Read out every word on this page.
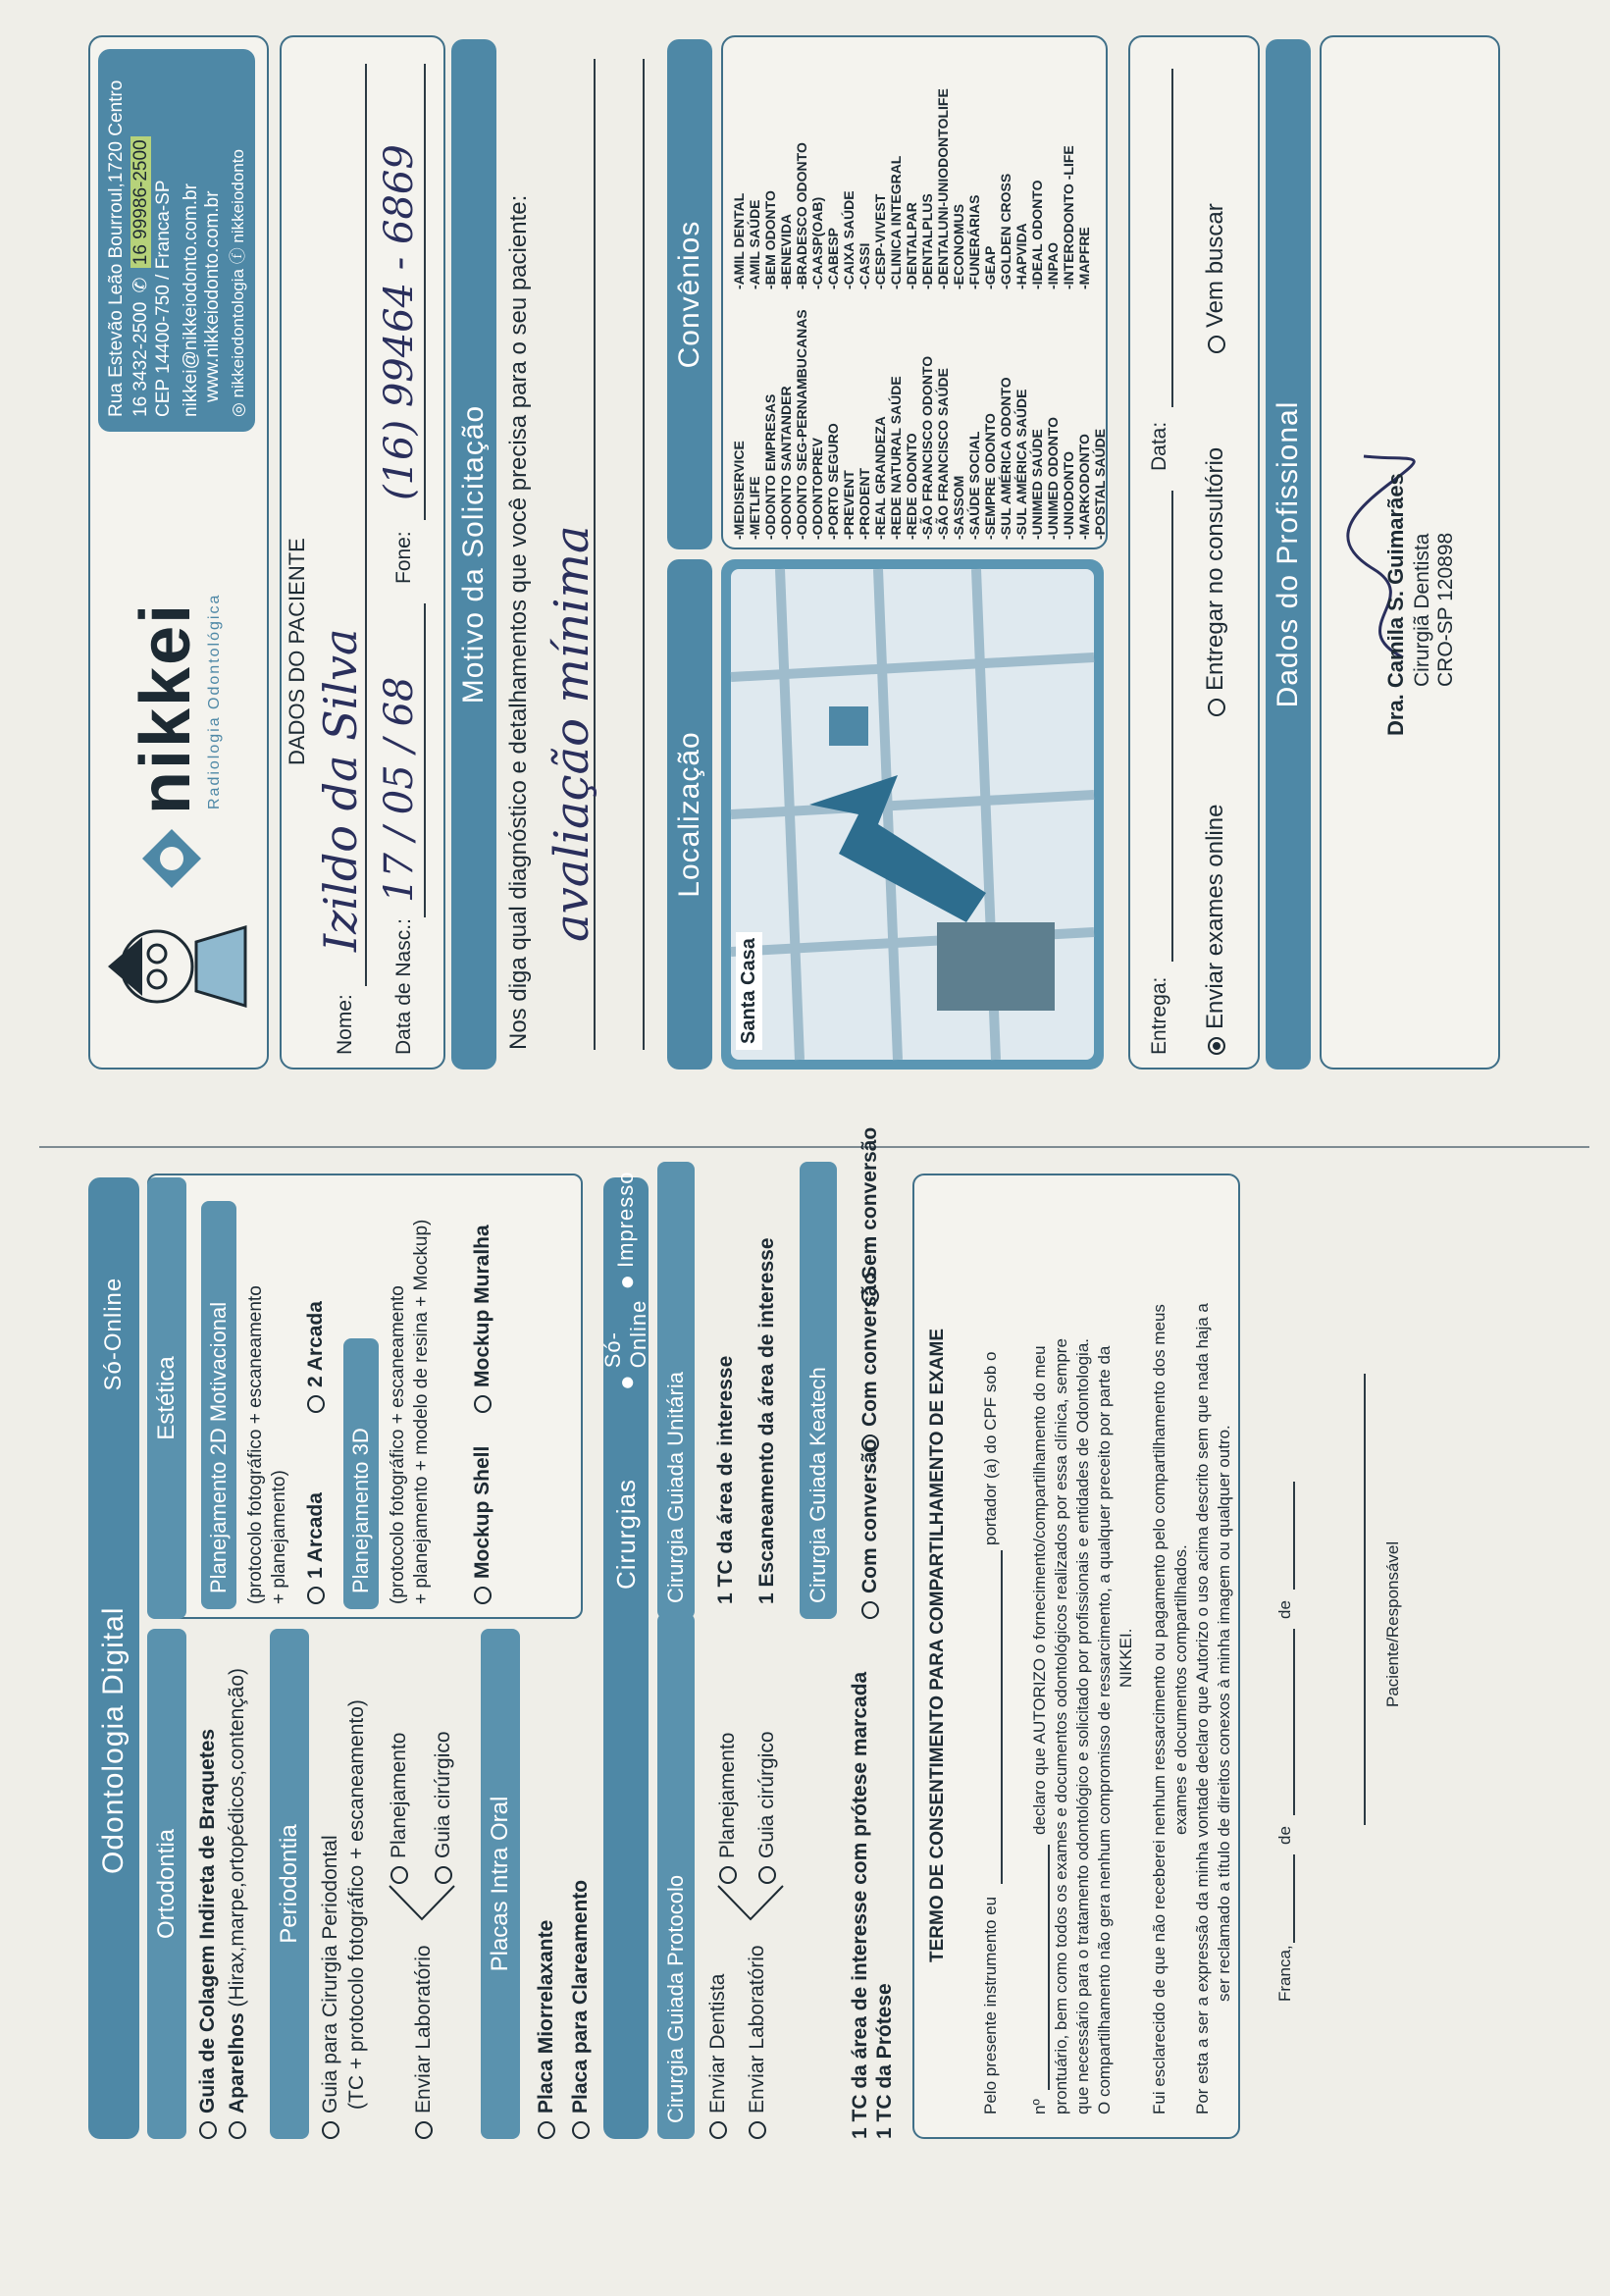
nikkei Radiologia Odontológica
Rua Estevão Leão Bourroul,1720 Centro 16 3432-2500 ✆ 16 99986-2500 CEP 14400-750 / Franca-SP nikkei@nikkeiodonto.com.br www.nikkeiodonto.com.br
◎ nikkeiodontologia ⓕ nikkeiodonto
DADOS DO PACIENTE
Nome:
Izildo da Silva
Data de Nasc.:
17 / 05 / 68
Fone:
(16) 99464 - 6869
Motivo da Solicitação Nos diga qual diagnóstico e detalhamentos que você precisa para o seu paciente: avaliação mínima	Localização
Convênios
Santa Casa
-MEDISERVICE -METLIFE -ODONTO EMPRESAS -ODONTO SANTANDER -ODONTO SEG-PERNAMBUCANAS -ODONTOPREV -PORTO SEGURO -PREVENT -PRODENT -REAL GRANDEZA -REDE NATURAL SAÚDE -REDE ODONTO -SÃO FRANCISCO ODONTO -SÃO FRANCISCO SAÚDE -SASSOM -SAÚDE SOCIAL -SEMPRE ODONTO -SUL AMÉRICA ODONTO -SUL AMÉRICA SAÚDE -UNIMED SAÚDE -UNIMED ODONTO -UNIODONTO -MARKODONTO -POSTAL SAÚDE
-AMIL DENTAL -AMIL SAÚDE -BEM ODONTO -BENEVIDA -BRADESCO ODONTO -CAASP(OAB) -CABESP -CAIXA SAÚDE -CASSI -CESP-VIVEST -CLINICA INTEGRAL -DENTALPAR -DENTALPLUS -DENTALUNI-UNIODONTOLIFE -ECONOMUS -FUNERÁRIAS -GEAP -GOLDEN CROSS -HAPVIDA -IDEAL ODONTO -INPAO -INTERODONTO -LIFE -MAPFRE
Entrega:
Data:
Enviar exames online
Entregar no consultório
Vem buscar
Dados do Profissional	Dra. Camila S. Guimarães Cirurgiã Dentista CRO-SP 120898
Odontologia Digital
Só-Online
Ortodontia Guia de Colagem Indireta de Braquetes Aparelhos (Hirax,marpe,ortopédicos,contenção) Periodontia Guia para Cirurgia Periodontal (TC + protocolo fotográfico + escaneamento) Enviar Laboratório
Planejamento Guia cirúrgico
Placas Intra Oral
Placa Miorrelaxante Placa para Clareamento
Estética	Planejamento 2D Motivacional (protocolo fotográfico + escaneamento + planejamento) 1 Arcada
2 Arcada
Planejamento 3D (protocolo fotográfico + escaneamento + planejamento + modelo de resina + Mockup) Mockup Shell
Mockup Muralha
Cirurgias
●
Só-Online
●
Impresso
Cirurgia Guiada Protocolo Enviar Dentista Enviar Laboratório
Planejamento Guia cirúrgico
Cirurgia Guiada Unitária	1 TC da área de interesse 1 Escaneamento da área de interesse Cirurgia Guiada Keatech
1 TC da área de interesse com prótese marcada 1 TC da Prótese
Com conversão
Com conversão
Sem conversão
TERMO DE CONSENTIMENTO PARA COMPARTILHAMENTO DE EXAME
Pelo presente instrumento eu
portador (a) do CPF sob o
nº
declaro que AUTORIZO o fornecimento/compartilhamento do meu prontuário, bem como todos os exames e documentos odontológicos realizados por essa clínica, sempre que necessário para o tratamento odontológico e solicitado por profissionais e entidades de Odontologia. O compartilhamento não gera nenhum compromisso de ressarcimento, a qualquer preceito por parte da NIKKEI. Fui esclarecido de que não receberei nenhum ressarcimento ou pagamento pelo compartilhamento dos meus exames e documentos compartilhados. Por esta a ser a expressão da minha vontade declaro que Autorizo o uso acima descrito sem que nada haja a ser reclamado a título de direitos conexos à minha imagem ou qualquer outro.	Franca,
de
de	Paciente/Responsável
